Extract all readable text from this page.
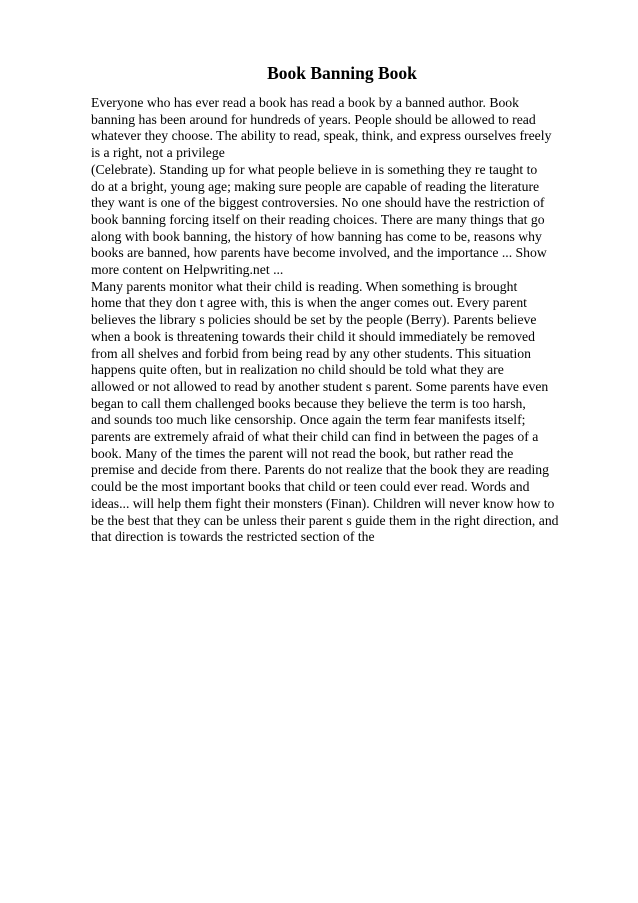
Book Banning Book
Everyone who has ever read a book has read a book by a banned author. Book
banning has been around for hundreds of years. People should be allowed to read
whatever they choose. The ability to read, speak, think, and express ourselves freely
is a right, not a privilege
(Celebrate). Standing up for what people believe in is something they re taught to
do at a bright, young age; making sure people are capable of reading the literature
they want is one of the biggest controversies. No one should have the restriction of
book banning forcing itself on their reading choices. There are many things that go
along with book banning, the history of how banning has come to be, reasons why
books are banned, how parents have become involved, and the importance ... Show
more content on Helpwriting.net ...
Many parents monitor what their child is reading. When something is brought
home that they don t agree with, this is when the anger comes out. Every parent
believes the library s policies should be set by the people (Berry). Parents believe
when a book is threatening towards their child it should immediately be removed
from all shelves and forbid from being read by any other students. This situation
happens quite often, but in realization no child should be told what they are
allowed or not allowed to read by another student s parent. Some parents have even
began to call them challenged books because they believe the term is too harsh,
and sounds too much like censorship. Once again the term fear manifests itself;
parents are extremely afraid of what their child can find in between the pages of a
book. Many of the times the parent will not read the book, but rather read the
premise and decide from there. Parents do not realize that the book they are reading
could be the most important books that child or teen could ever read. Words and
ideas... will help them fight their monsters (Finan). Children will never know how to
be the best that they can be unless their parent s guide them in the right direction, and
that direction is towards the restricted section of the
